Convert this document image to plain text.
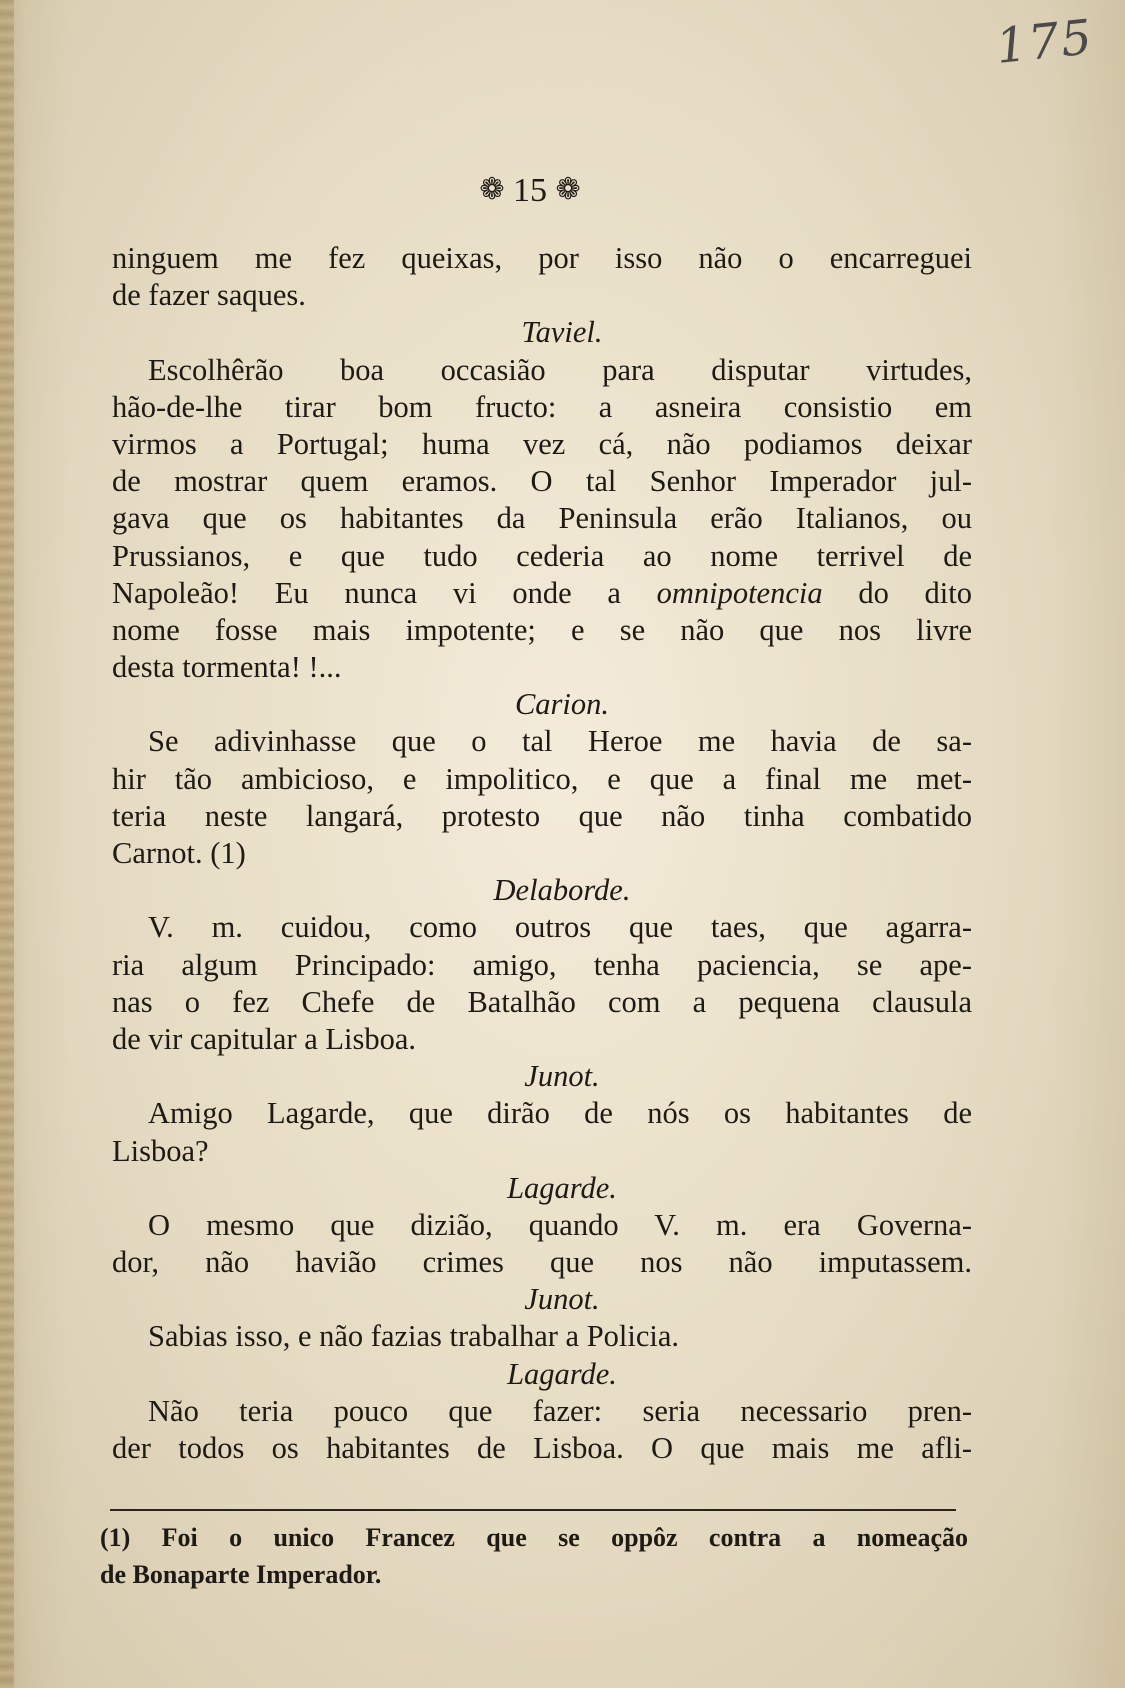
175
❁ 15 ❁
ninguem me fez queixas, por isso não o encarreguei
de fazer saques.
Taviel.
Escolhêrão boa occasião para disputar virtudes,
hão-de-lhe tirar bom fructo: a asneira consistio em
virmos a Portugal; huma vez cá, não podiamos deixar
de mostrar quem eramos. O tal Senhor Imperador jul-
gava que os habitantes da Peninsula erão Italianos, ou
Prussianos, e que tudo cederia ao nome terrivel de
Napoleão! Eu nunca vi onde a omnipotencia do dito
nome fosse mais impotente; e se não que nos livre
desta tormenta! !...
Carion.
Se adivinhasse que o tal Heroe me havia de sa-
hir tão ambicioso, e impolitico, e que a final me met-
teria neste langará, protesto que não tinha combatido
Carnot. (1)
Delaborde.
V. m. cuidou, como outros que taes, que agarra-
ria algum Principado: amigo, tenha paciencia, se ape-
nas o fez Chefe de Batalhão com a pequena clausula
de vir capitular a Lisboa.
Junot.
Amigo Lagarde, que dirão de nós os habitantes de
Lisboa?
Lagarde.
O mesmo que dizião, quando V. m. era Governa-
dor, não havião crimes que nos não imputassem.
Junot.
Sabias isso, e não fazias trabalhar a Policia.
Lagarde.
Não teria pouco que fazer: seria necessario pren-
der todos os habitantes de Lisboa. O que mais me afli-
(1) Foi o unico Francez que se oppôz contra a nomeação
de Bonaparte Imperador.
